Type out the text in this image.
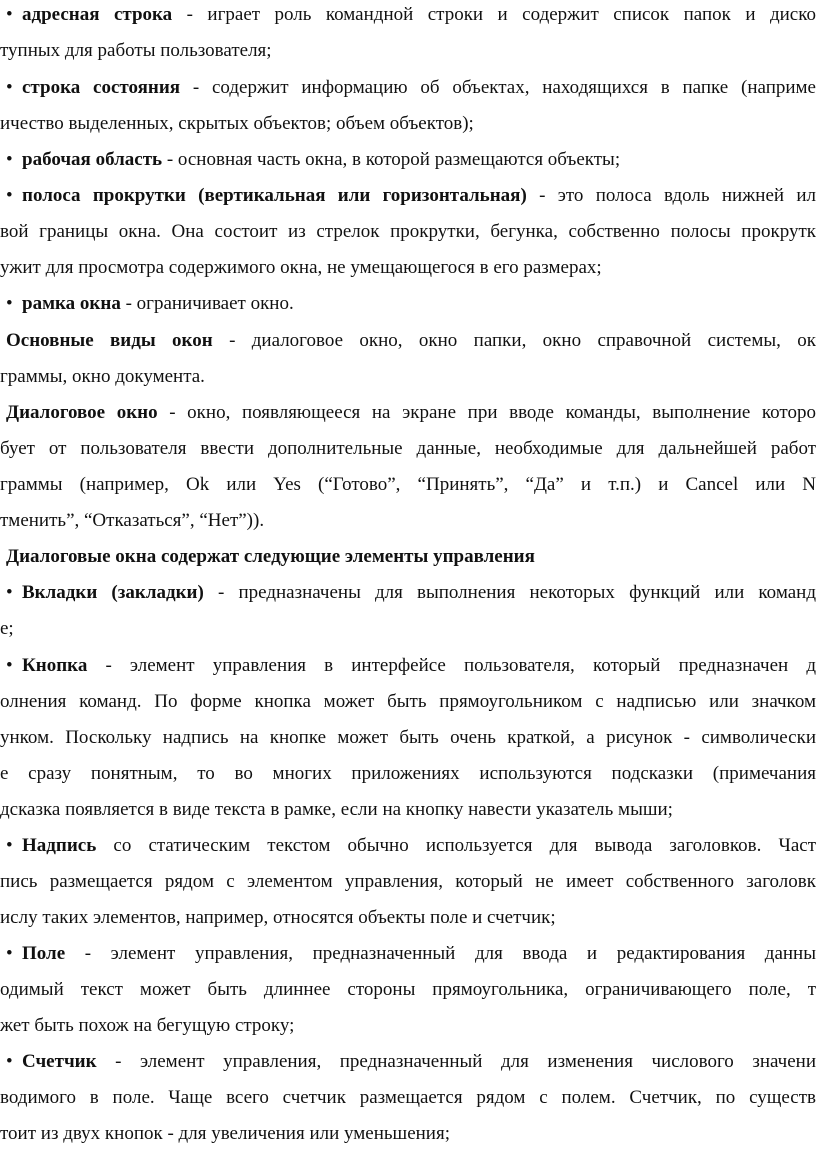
• адресная строка - играет роль командной строки и содержит список папок и диско
тупных для работы пользователя;
• строка состояния - содержит информацию об объектах, находящихся в папке (наприме
ичество выделенных, скрытых объектов; объем объектов);
• рабочая область - основная часть окна, в которой размещаются объекты;
• полоса прокрутки (вертикальная или горизонтальная) - это полоса вдоль нижней ил
вой границы окна. Она состоит из стрелок прокрутки, бегунка, собственно полосы прокрутк
ужит для просмотра содержимого окна, не умещающегося в его размерах;
• рамка окна - ограничивает окно.
Основные виды окон - диалоговое окно, окно папки, окно справочной системы, ок
граммы, окно документа.
Диалоговое окно - окно, появляющееся на экране при вводе команды, выполнение которо
бует от пользователя ввести дополнительные данные, необходимые для дальнейшей работ
граммы (например, Ok или Yes (“Готово”, “Принять”, “Да” и т.п.) и Cancel или N
тменить”, “Отказаться”, “Нет”)).
Диалоговые окна содержат следующие элементы управления
• Вкладки (закладки) - предназначены для выполнения некоторых функций или команд
е;
• Кнопка - элемент управления в интерфейсе пользователя, который предназначен д
олнения команд. По форме кнопка может быть прямоугольником с надписью или значком
унком. Поскольку надпись на кнопке может быть очень краткой, а рисунок - символически
е сразу понятным, то во многих приложениях используются подсказки (примечания
дсказка появляется в виде текста в рамке, если на кнопку навести указатель мыши;
• Надпись со статическим текстом обычно используется для вывода заголовков. Част
пись размещается рядом с элементом управления, который не имеет собственного заголовк
ислу таких элементов, например, относятся объекты поле и счетчик;
• Поле - элемент управления, предназначенный для ввода и редактирования данны
одимый текст может быть длиннее стороны прямоугольника, ограничивающего поле, т
жет быть похож на бегущую строку;
• Счетчик - элемент управления, предназначенный для изменения числового значени
водимого в поле. Чаще всего счетчик размещается рядом с полем. Счетчик, по существ
тоит из двух кнопок - для увеличения или уменьшения;
